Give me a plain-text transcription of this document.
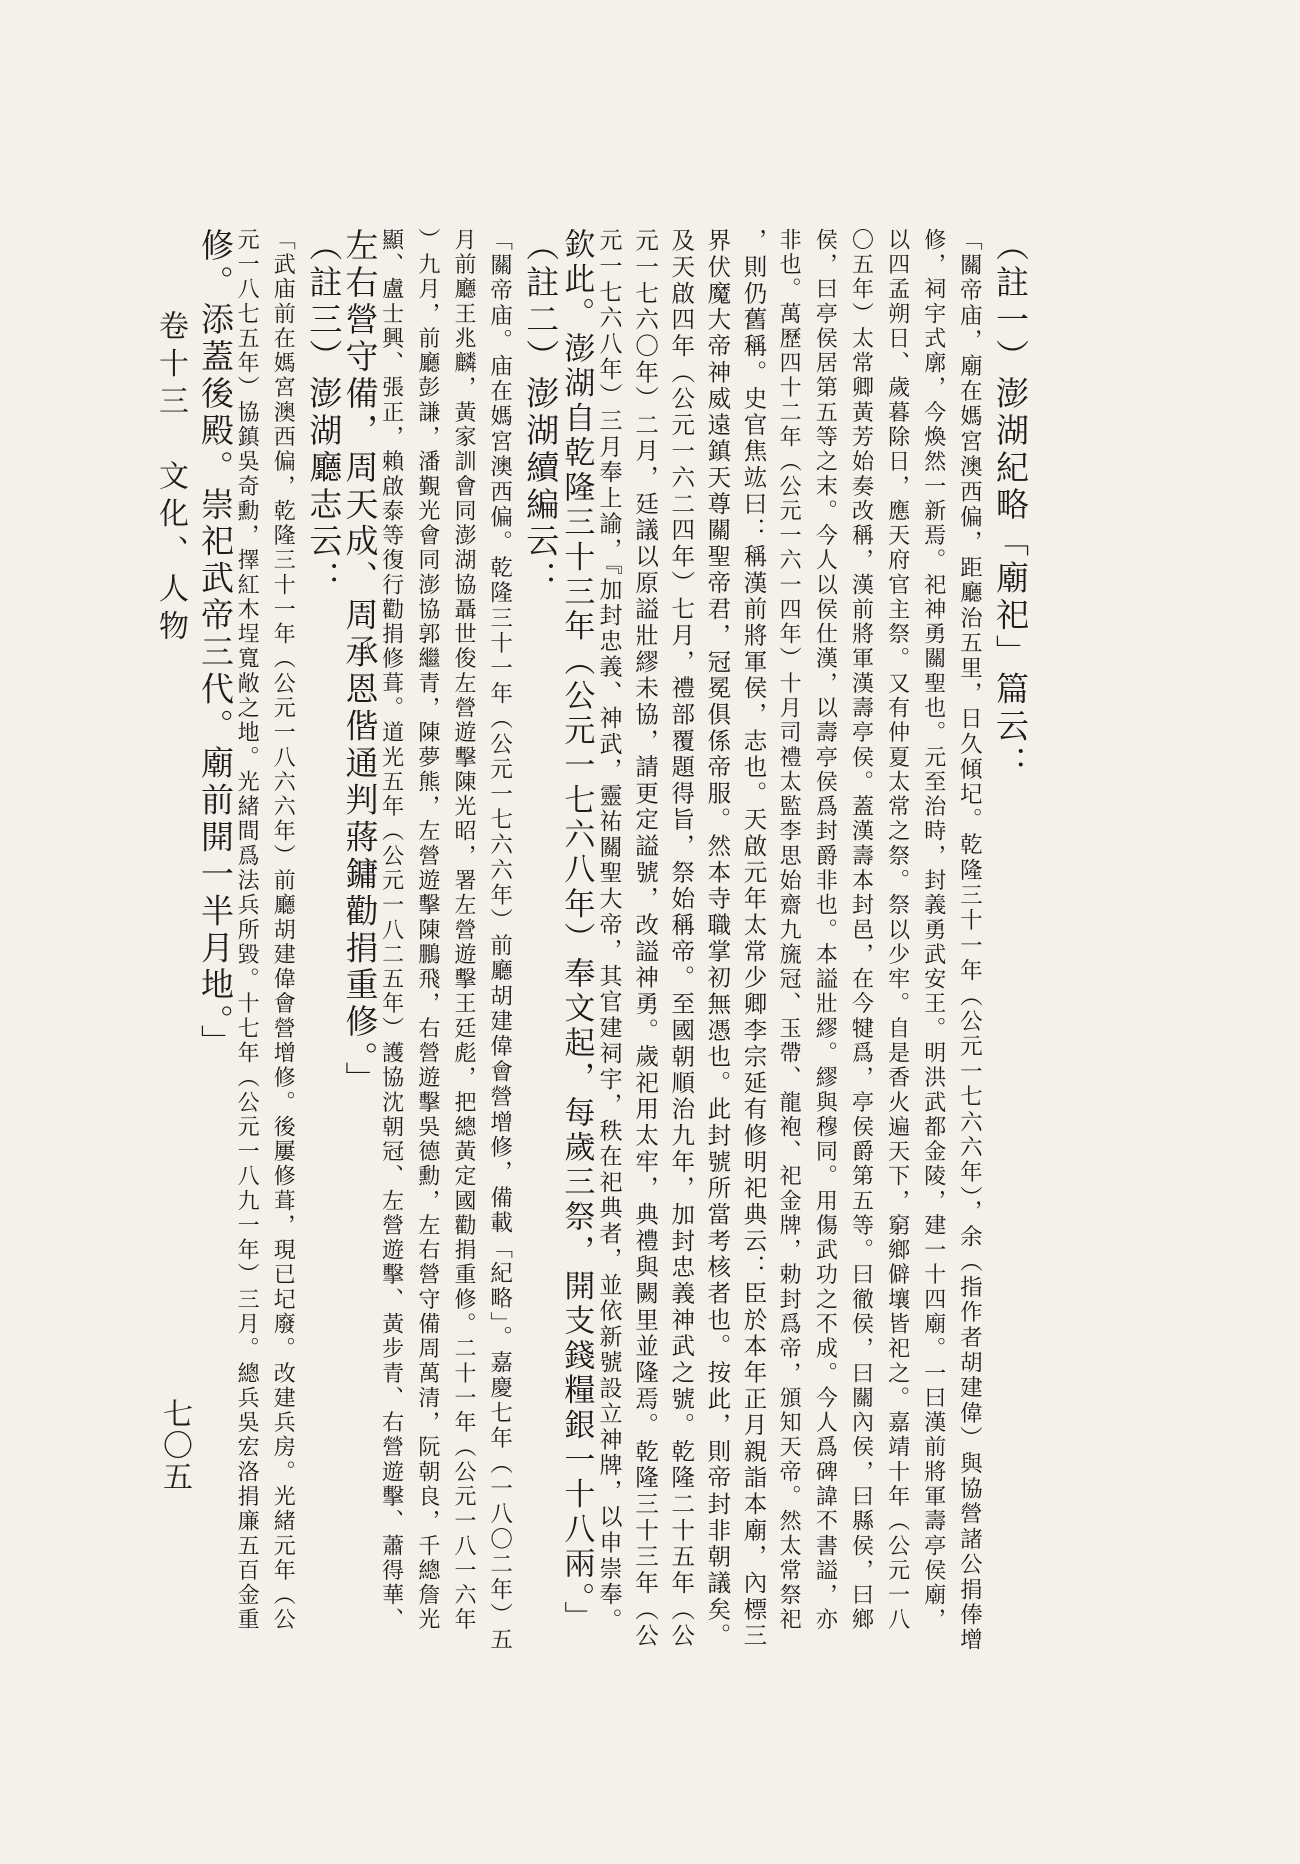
（註一）澎湖紀略「廟祀」篇云：

「關帝庙，廟在媽宮澳西偏，距廳治五里，日久傾圮。乾隆三十一年（公元一七六六年），余（指作者胡建偉）與協營諸公捐俸增

修，祠宇式廓，今煥然一新焉。祀神勇關聖也。元至治時，封義勇武安王。明洪武都金陵，建一十四廟。一曰漢前將軍壽亭侯廟，

以四孟朔日、歲暮除日，應天府官主祭。又有仲夏太常之祭。祭以少牢。自是香火遍天下，窮鄉僻壤皆祀之。嘉靖十年（公元一八

〇五年）太常卿黃芳始奏改稱，漢前將軍漢壽亭侯。蓋漢壽本封邑，在今犍爲，亭侯爵第五等。曰徹侯，曰關內侯，曰縣侯，曰鄉

侯，曰亭侯居第五等之末。今人以侯仕漢，以壽亭侯爲封爵非也。本謚壯繆。繆與穆同。用傷武功之不成。今人爲碑諱不書謚，亦

非也。萬歷四十二年（公元一六一四年）十月司禮太監李思始齋九旒冠、玉帶、龍袍、祀金牌，勅封爲帝，頒知天帝。然太常祭祀

，則仍舊稱。史官焦竑曰：稱漢前將軍侯，志也。天啟元年太常少卿李宗延有修明祀典云：臣於本年正月親詣本廟，內標三

界伏魔大帝神威遠鎮天尊關聖帝君，冠冕俱係帝服。然本寺職掌初無憑也。此封號所當考核者也。按此，則帝封非朝議矣。

及天啟四年（公元一六二四年）七月，禮部覆題得旨，祭始稱帝。至國朝順治九年，加封忠義神武之號。乾隆二十五年（公

元一七六〇年）二月，廷議以原謚壯繆未協，請更定謚號，改謚神勇。歲祀用太牢，典禮與闕里並隆焉。乾隆三十三年（公

元一七六八年）三月奉上諭，『加封忠義、神武，靈祐關聖大帝，其官建祠宇，秩在祀典者，並依新號設立神牌，以申崇奉。

欽此。澎湖自乾隆三十三年（公元一七六八年）奉文起，每歲三祭，開支錢糧銀一十八兩。」

（註二）澎湖續編云：

「關帝庙。庙在媽宮澳西偏。乾隆三十一年（公元一七六六年）前廳胡建偉會營增修，備載「紀略」。嘉慶七年（一八〇二年）五

月前廳王兆麟，黃家訓會同澎湖協聶世俊左營遊擊陳光昭，署左營遊擊王廷彪，把總黃定國勸捐重修。二十一年（公元一八一六年

）九月，前廳彭謙，潘覲光會同澎協郭繼青，陳夢熊，左營遊擊陳鵬飛，右營遊擊吳德勳，左右營守備周萬清，阮朝良，千總詹光

顯、盧士興、張正，賴啟泰等復行勸捐修葺。道光五年（公元一八二五年）護協沈朝冠、左營遊擊、黃步青、右營遊擊、蕭得華、

左右營守備，周天成、周承恩偕通判蔣鏞勸捐重修。」

（註三）澎湖廳志云：

「武庙前在媽宮澳西偏，乾隆三十一年（公元一八六六年）前廳胡建偉會營增修。後屢修葺，現已圮廢。改建兵房。光緒元年（公

元一八七五年）協鎮吳奇勳，擇紅木埕寬敞之地。光緒間爲法兵所毀。十七年（公元一八九一年）三月。總兵吳宏洛捐廉五百金重

修。添蓋後殿。崇祀武帝三代。廟前開一半月地。」

卷十三　文化、人物
七〇五
